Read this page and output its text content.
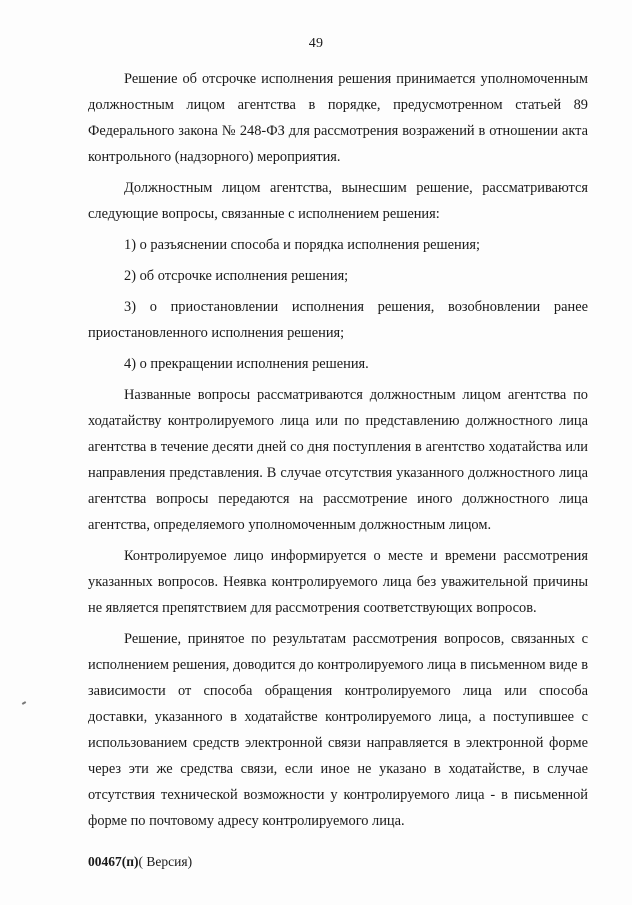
49

Решение об отсрочке исполнения решения принимается уполномоченным должностным лицом агентства в порядке, предусмотренном статьей 89 Федерального закона № 248-ФЗ для рассмотрения возражений в отношении акта контрольного (надзорного) мероприятия.

Должностным лицом агентства, вынесшим решение, рассматриваются следующие вопросы, связанные с исполнением решения:

1) о разъяснении способа и порядка исполнения решения;

2) об отсрочке исполнения решения;

3) о приостановлении исполнения решения, возобновлении ранее приостановленного исполнения решения;

4) о прекращении исполнения решения.

Названные вопросы рассматриваются должностным лицом агентства по ходатайству контролируемого лица или по представлению должностного лица агентства в течение десяти дней со дня поступления в агентство ходатайства или направления представления. В случае отсутствия указанного должностного лица агентства вопросы передаются на рассмотрение иного должностного лица агентства, определяемого уполномоченным должностным лицом.

Контролируемое лицо информируется о месте и времени рассмотрения указанных вопросов. Неявка контролируемого лица без уважительной причины не является препятствием для рассмотрения соответствующих вопросов.

Решение, принятое по результатам рассмотрения вопросов, связанных с исполнением решения, доводится до контролируемого лица в письменном виде в зависимости от способа обращения контролируемого лица или способа доставки, указанного в ходатайстве контролируемого лица, а поступившее с использованием средств электронной связи направляется в электронной форме через эти же средства связи, если иное не указано в ходатайстве, в случае отсутствия технической возможности у контролируемого лица - в письменной форме по почтовому адресу контролируемого лица.

00467(п)( Версия)
